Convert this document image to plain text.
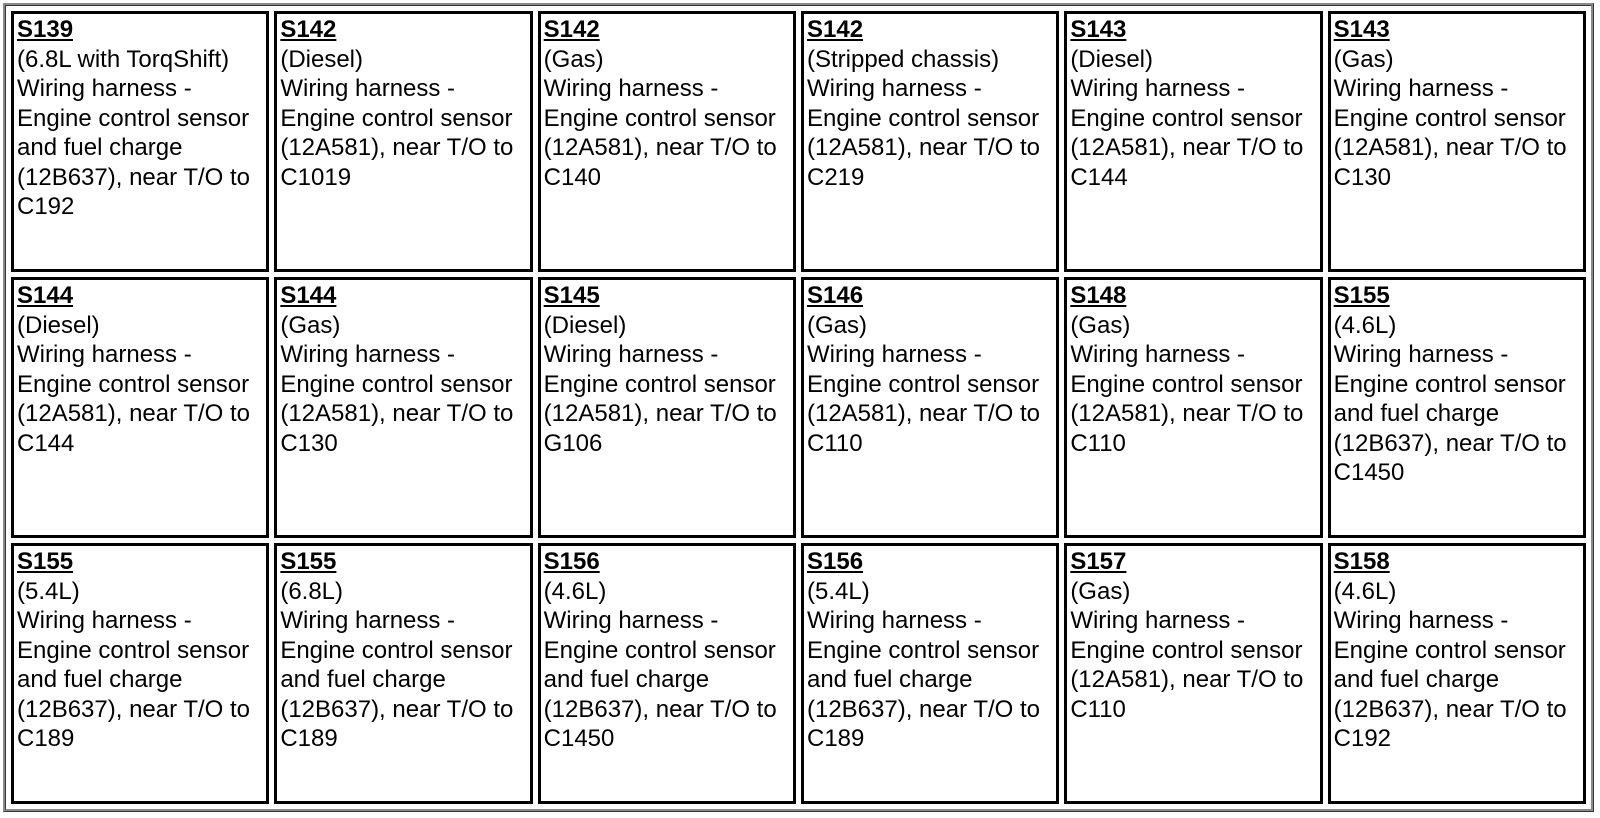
S139
(6.8L with TorqShift)
Wiring harness - Engine control sensor and fuel charge (12B637), near T/O to C192	S142
(Diesel)
Wiring harness - Engine control sensor (12A581), near T/O to C1019	S142
(Gas)
Wiring harness - Engine control sensor (12A581), near T/O to C140	S142
(Stripped chassis)
Wiring harness - Engine control sensor (12A581), near T/O to C219	S143
(Diesel)
Wiring harness - Engine control sensor (12A581), near T/O to C144	S143
(Gas)
Wiring harness - Engine control sensor (12A581), near T/O to C130

S144
(Diesel)
Wiring harness - Engine control sensor (12A581), near T/O to C144	S144
(Gas)
Wiring harness - Engine control sensor (12A581), near T/O to C130	S145
(Diesel)
Wiring harness - Engine control sensor (12A581), near T/O to G106	S146
(Gas)
Wiring harness - Engine control sensor (12A581), near T/O to C110	S148
(Gas)
Wiring harness - Engine control sensor (12A581), near T/O to C110	S155
(4.6L)
Wiring harness - Engine control sensor and fuel charge (12B637), near T/O to C1450

S155
(5.4L)
Wiring harness - Engine control sensor and fuel charge (12B637), near T/O to C189	S155
(6.8L)
Wiring harness - Engine control sensor and fuel charge (12B637), near T/O to C189	S156
(4.6L)
Wiring harness - Engine control sensor and fuel charge (12B637), near T/O to C1450	S156
(5.4L)
Wiring harness - Engine control sensor and fuel charge (12B637), near T/O to C189	S157
(Gas)
Wiring harness - Engine control sensor (12A581), near T/O to C110	S158
(4.6L)
Wiring harness - Engine control sensor and fuel charge (12B637), near T/O to C192
